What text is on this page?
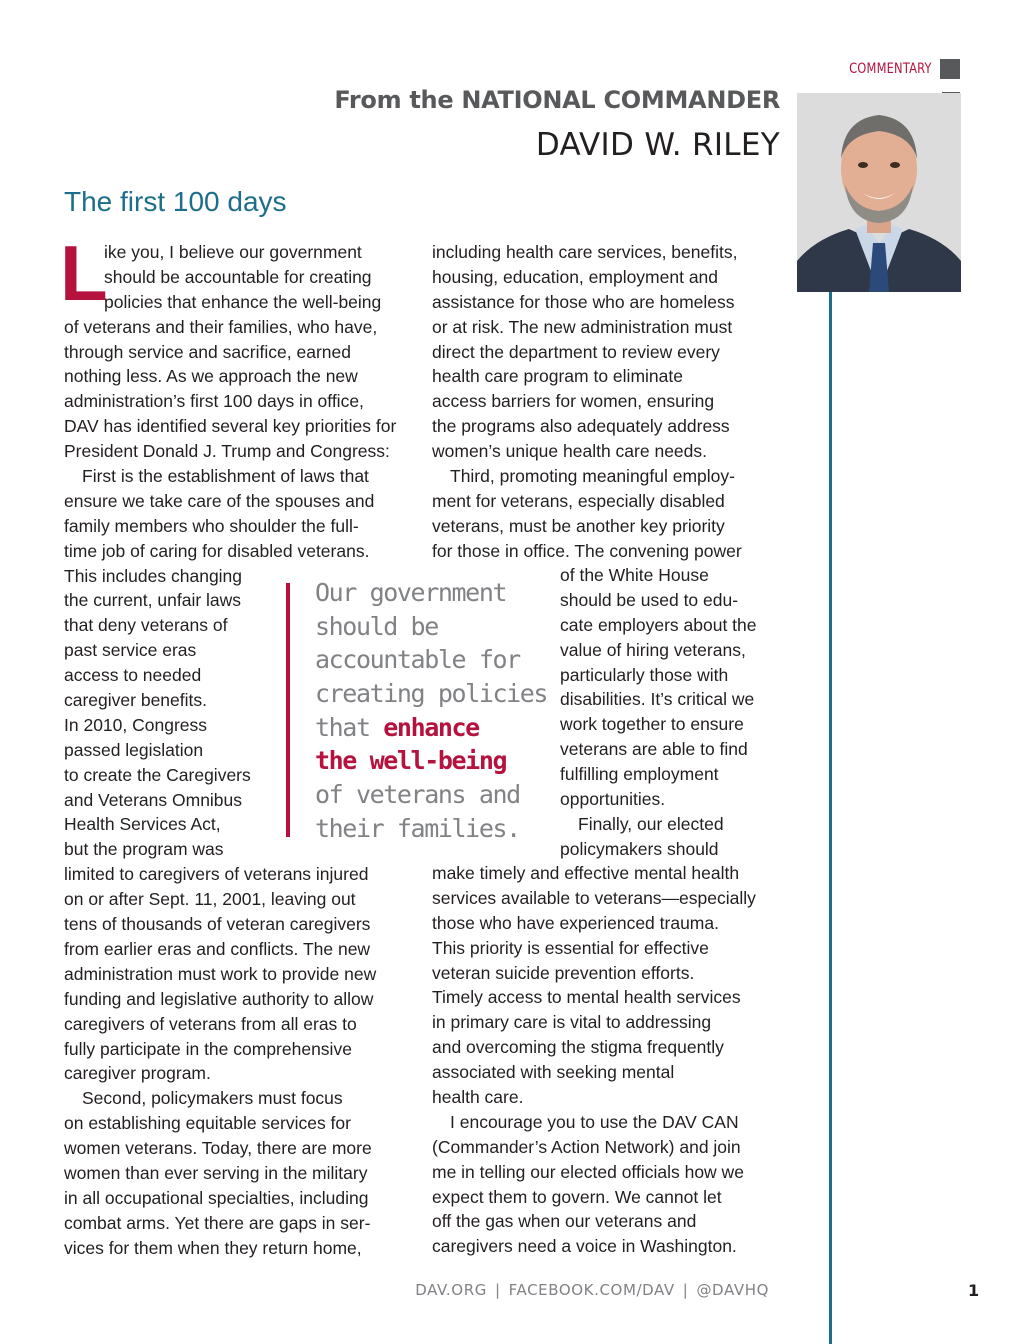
COMMENTARY
From the NATIONAL COMMANDER
DAVID W. RILEY
The first 100 days
L
ike you, I believe our government
should be accountable for creating
policies that enhance the well-being
of veterans and their families, who have,
through service and sacrifice, earned
nothing less. As we approach the new
administration’s first 100 days in office,
DAV has identified several key priorities for
President Donald J. Trump and Congress:
First is the establishment of laws that
ensure we take care of the spouses and
family members who shoulder the full-
time job of caring for disabled veterans.
This includes changing
the current, unfair laws
that deny veterans of
past service eras
access to needed
caregiver benefits.
In 2010, Congress
passed legislation
to create the Caregivers
and Veterans Omnibus
Health Services Act,
but the program was
limited to caregivers of veterans injured
on or after Sept. 11, 2001, leaving out
tens of thousands of veteran caregivers
from earlier eras and conflicts. The new
administration must work to provide new
funding and legislative authority to allow
caregivers of veterans from all eras to
fully participate in the comprehensive
caregiver program.
Second, policymakers must focus
on establishing equitable services for
women veterans. Today, there are more
women than ever serving in the military
in all occupational specialties, including
combat arms. Yet there are gaps in ser-
vices for them when they return home,
including health care services, benefits,
housing, education, employment and
assistance for those who are homeless
or at risk. The new administration must
direct the department to review every
health care program to eliminate
access barriers for women, ensuring
the programs also adequately address
women’s unique health care needs.
Third, promoting meaningful employ-
ment for veterans, especially disabled
veterans, must be another key priority
for those in office. The convening power
of the White House
should be used to edu-
cate employers about the
value of hiring veterans,
particularly those with
disabilities. It’s critical we
work together to ensure
veterans are able to find
fulfilling employment
opportunities.
Finally, our elected
policymakers should
make timely and effective mental health
services available to veterans—especially
those who have experienced trauma.
This priority is essential for effective
veteran suicide prevention efforts.
Timely access to mental health services
in primary care is vital to addressing
and overcoming the stigma frequently
associated with seeking mental
health care.
I encourage you to use the DAV CAN
(Commander’s Action Network) and join
me in telling our elected officials how we
expect them to govern. We cannot let
off the gas when our veterans and
caregivers need a voice in Washington.
Our government
should be
accountable for
creating policies
that enhance
the well-being
of veterans and
their families.
DAV.ORG | FACEBOOK.COM/DAV | @DAVHQ	1
